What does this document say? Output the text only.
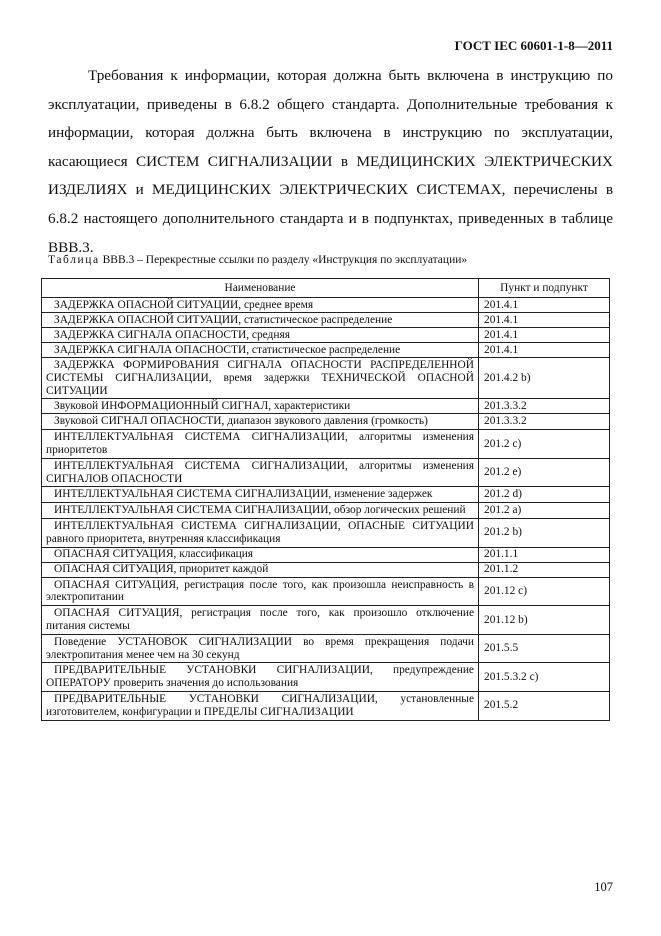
ГОСТ IEC 60601-1-8—2011

Требования к информации, которая должна быть включена в инструкцию по эксплуатации, приведены в 6.8.2 общего стандарта. Дополнительные требования к информации, которая должна быть включена в инструкцию по эксплуатации, касающиеся СИСТЕМ СИГНАЛИЗАЦИИ в МЕДИЦИНСКИХ ЭЛЕКТРИЧЕСКИХ ИЗДЕЛИЯХ и МЕДИЦИНСКИХ ЭЛЕКТРИЧЕСКИХ СИСТЕМАХ, перечислены в 6.8.2 настоящего дополнительного стандарта и в подпунктах, приведенных в таблице ВВВ.3.

Таблица ВВВ.3 – Перекрестные ссылки по разделу «Инструкция по эксплуатации»
Наименование	Пункт и подпункт
ЗАДЕРЖКА ОПАСНОЙ СИТУАЦИИ, среднее время	201.4.1
ЗАДЕРЖКА ОПАСНОЙ СИТУАЦИИ, статистическое распределение	201.4.1
ЗАДЕРЖКА СИГНАЛА ОПАСНОСТИ, средняя	201.4.1
ЗАДЕРЖКА СИГНАЛА ОПАСНОСТИ, статистическое распределение	201.4.1
ЗАДЕРЖКА ФОРМИРОВАНИЯ СИГНАЛА ОПАСНОСТИ РАСПРЕДЕЛЕННОЙ СИСТЕМЫ СИГНАЛИЗАЦИИ, время задержки ТЕХНИЧЕСКОЙ ОПАСНОЙ СИТУАЦИИ	201.4.2 b)
Звуковой ИНФОРМАЦИОННЫЙ СИГНАЛ, характеристики	201.3.3.2
Звуковой СИГНАЛ ОПАСНОСТИ, диапазон звукового давления (громкость)	201.3.3.2
ИНТЕЛЛЕКТУАЛЬНАЯ СИСТЕМА СИГНАЛИЗАЦИИ, алгоритмы изменения приоритетов	201.2 c)
ИНТЕЛЛЕКТУАЛЬНАЯ СИСТЕМА СИГНАЛИЗАЦИИ, алгоритмы изменения СИГНАЛОВ ОПАСНОСТИ	201.2 e)
ИНТЕЛЛЕКТУАЛЬНАЯ СИСТЕМА СИГНАЛИЗАЦИИ, изменение задержек	201.2 d)
ИНТЕЛЛЕКТУАЛЬНАЯ СИСТЕМА СИГНАЛИЗАЦИИ, обзор логических решений	201.2 a)
ИНТЕЛЛЕКТУАЛЬНАЯ СИСТЕМА СИГНАЛИЗАЦИИ, ОПАСНЫЕ СИТУАЦИИ равного приоритета, внутренняя классификация	201.2 b)
ОПАСНАЯ СИТУАЦИЯ, классификация	201.1.1
ОПАСНАЯ СИТУАЦИЯ, приоритет каждой	201.1.2
ОПАСНАЯ СИТУАЦИЯ, регистрация после того, как произошла неисправность в электропитании	201.12 c)
ОПАСНАЯ СИТУАЦИЯ, регистрация после того, как произошло отключение питания системы	201.12 b)
Поведение УСТАНОВОК СИГНАЛИЗАЦИИ во время прекращения подачи электропитания менее чем на 30 секунд	201.5.5
ПРЕДВАРИТЕЛЬНЫЕ УСТАНОВКИ СИГНАЛИЗАЦИИ, предупреждение ОПЕРАТОРУ проверить значения до использования	201.5.3.2 c)
ПРЕДВАРИТЕЛЬНЫЕ УСТАНОВКИ СИГНАЛИЗАЦИИ, установленные изготовителем, конфигурации и ПРЕДЕЛЫ СИГНАЛИЗАЦИИ	201.5.2
107
